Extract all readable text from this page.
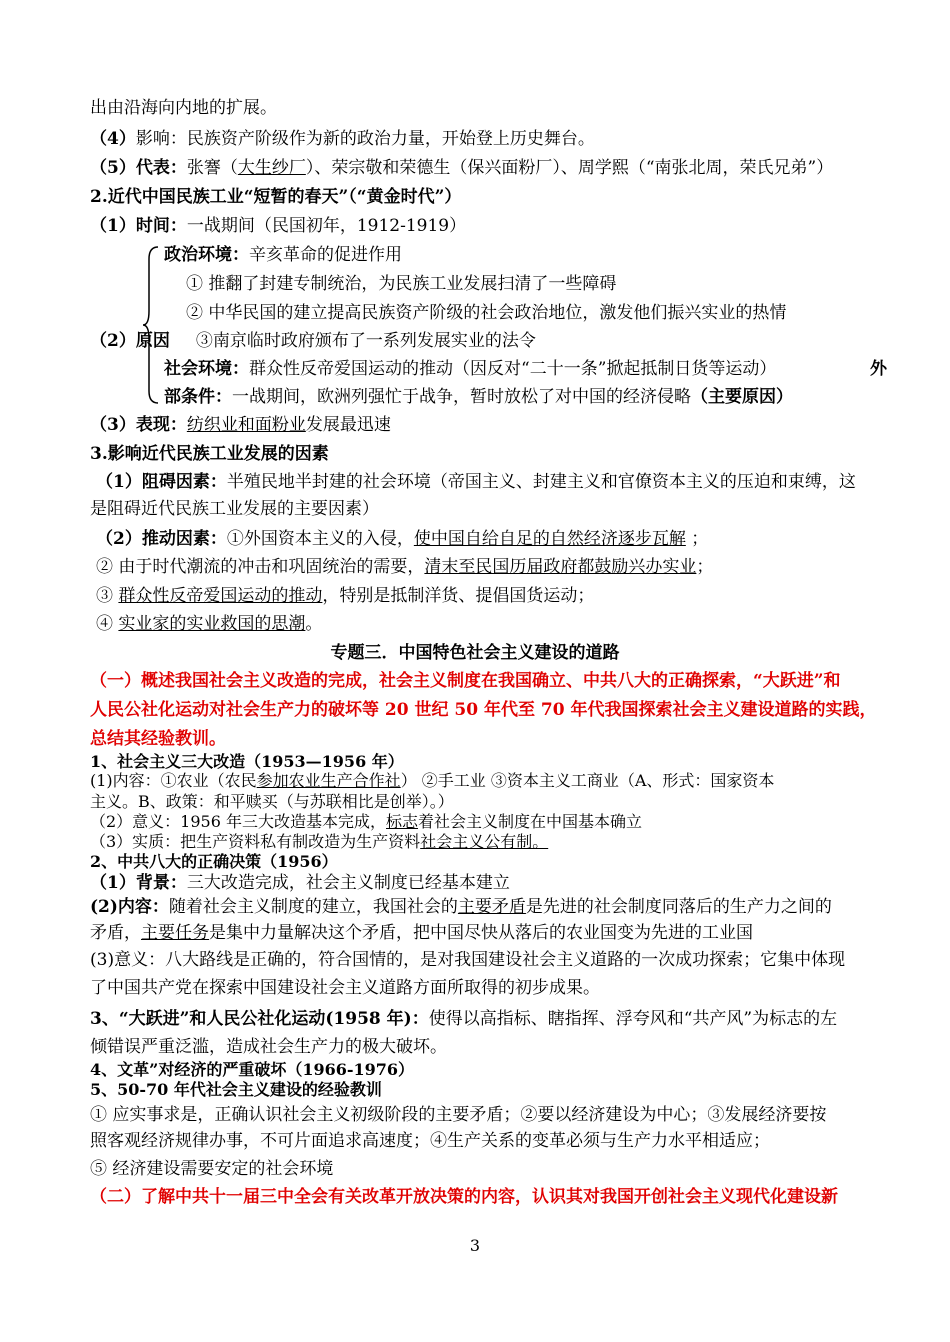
出由沿海向内地的扩展。
（4）影响：民族资产阶级作为新的政治力量，开始登上历史舞台。
（5）代表：张謇（大生纱厂）、荣宗敬和荣德生（保兴面粉厂）、周学熙（“南张北周，荣氏兄弟”）
2.近代中国民族工业“短暂的春天”（“黄金时代”）
（1）时间：一战期间（民国初年，1912-1919）
政治环境：辛亥革命的促进作用
① 推翻了封建专制统治，为民族工业发展扫清了一些障碍
② 中华民国的建立提高民族资产阶级的社会政治地位，激发他们振兴实业的热情
（2）原因 ③南京临时政府颁布了一系列发展实业的法令
社会环境：群众性反帝爱国运动的推动（因反对“二十一条”掀起抵制日货等运动）	外
部条件：一战期间，欧洲列强忙于战争，暂时放松了对中国的经济侵略（主要原因）
（3）表现：纺织业和面粉业发展最迅速
3.影响近代民族工业发展的因素
（1）阻碍因素：半殖民地半封建的社会环境（帝国主义、封建主义和官僚资本主义的压迫和束缚，这
是阻碍近代民族工业发展的主要因素）
（2）推动因素：①外国资本主义的入侵，使中国自给自足的自然经济逐步瓦解 ；
② 由于时代潮流的冲击和巩固统治的需要，清末至民国历届政府都鼓励兴办实业；
③ 群众性反帝爱国运动的推动，特别是抵制洋货、提倡国货运动；
④ 实业家的实业救国的思潮。
专题三．中国特色社会主义建设的道路
（一）概述我国社会主义改造的完成，社会主义制度在我国确立、中共八大的正确探索，“大跃进”和
人民公社化运动对社会生产力的破坏等 20 世纪 50 年代至 70 年代我国探索社会主义建设道路的实践，
总结其经验教训。
1、社会主义三大改造（1953—1956 年）
(1)内容：①农业（农民参加农业生产合作社） ②手工业 ③资本主义工商业（A、形式：国家资本
主义。B、政策：和平赎买（与苏联相比是创举）。）
（2）意义：1956 年三大改造基本完成，标志着社会主义制度在中国基本确立
（3）实质：把生产资料私有制改造为生产资料社会主义公有制。
2、中共八大的正确决策（1956）
（1）背景：三大改造完成，社会主义制度已经基本建立
(2)内容：随着社会主义制度的建立，我国社会的主要矛盾是先进的社会制度同落后的生产力之间的
矛盾，主要任务是集中力量解决这个矛盾，把中国尽快从落后的农业国变为先进的工业国
(3)意义：八大路线是正确的，符合国情的，是对我国建设社会主义道路的一次成功探索；它集中体现
了中国共产党在探索中国建设社会主义道路方面所取得的初步成果。
3、“大跃进”和人民公社化运动(1958 年)：使得以高指标、瞎指挥、浮夸风和“共产风”为标志的左
倾错误严重泛滥，造成社会生产力的极大破坏。
4、文革”对经济的严重破坏（1966-1976）
5、50-70 年代社会主义建设的经验教训
① 应实事求是，正确认识社会主义初级阶段的主要矛盾；②要以经济建设为中心；③发展经济要按
照客观经济规律办事，不可片面追求高速度；④生产关系的变革必须与生产力水平相适应；
⑤ 经济建设需要安定的社会环境
（二）了解中共十一届三中全会有关改革开放决策的内容，认识其对我国开创社会主义现代化建设新
3
